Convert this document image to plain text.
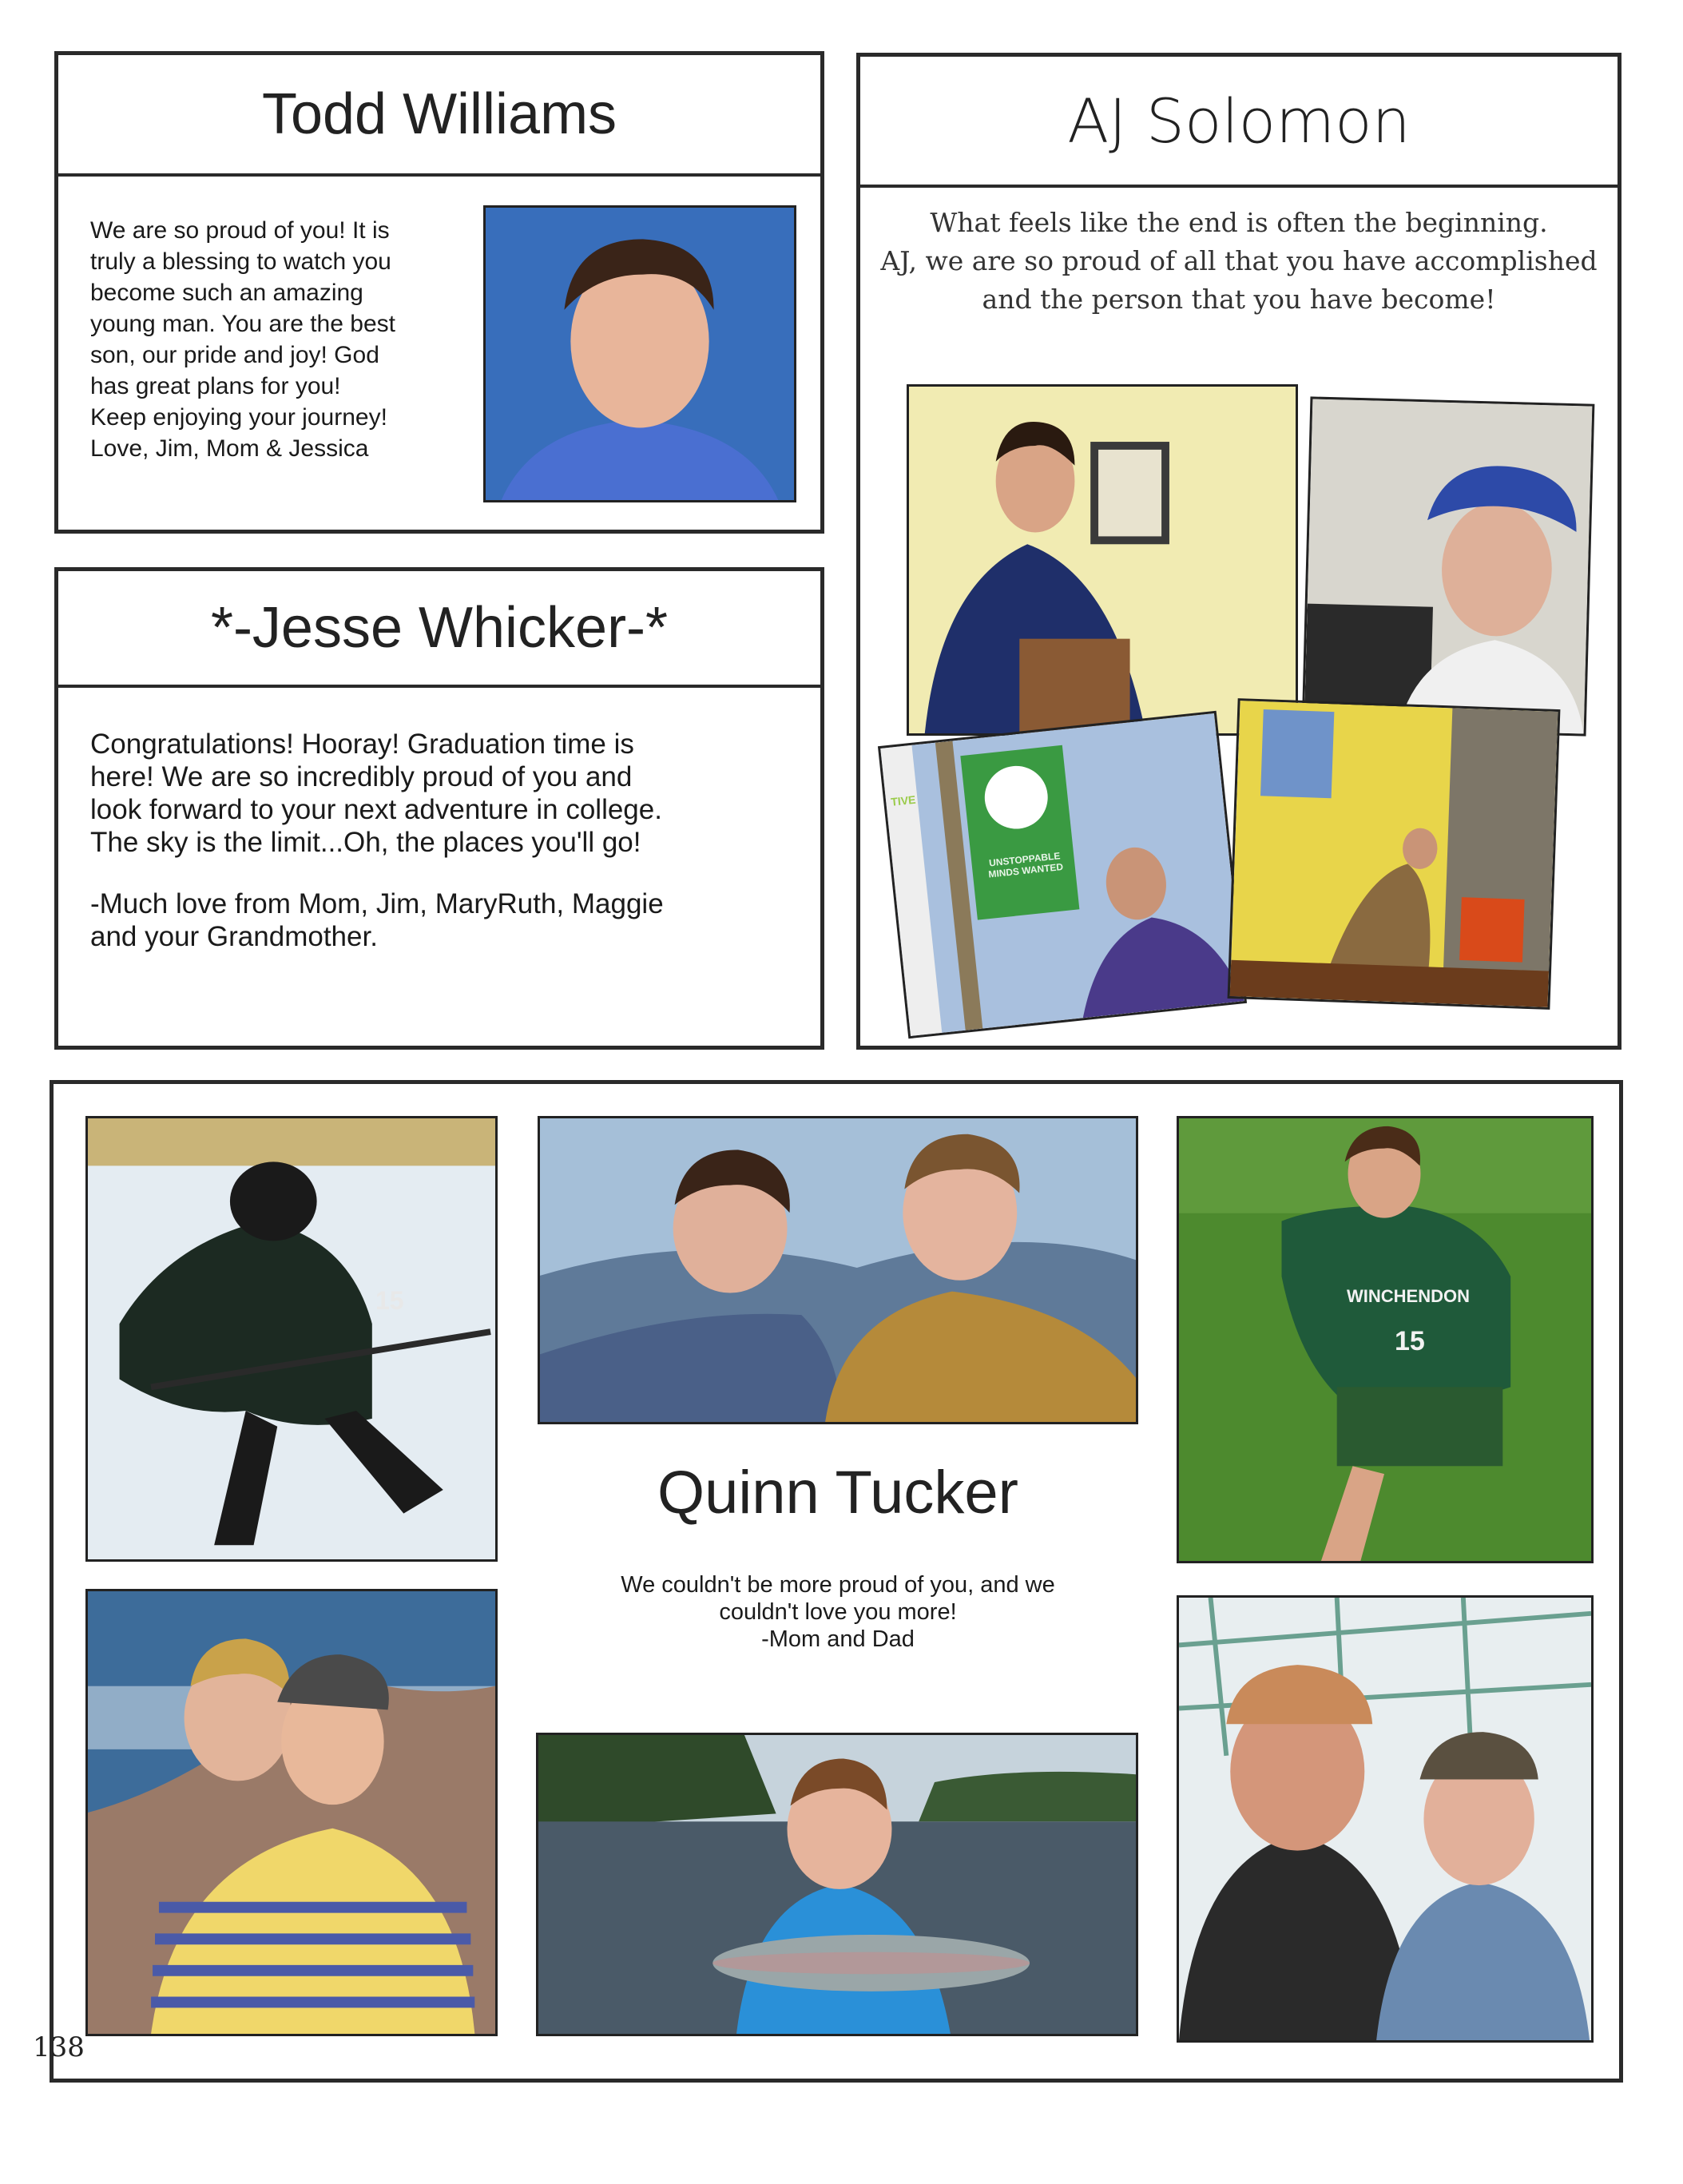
Todd Williams
We are so proud of you! It is
truly a blessing to watch you
become such an amazing
young man. You are the best
son, our pride and joy! God
has great plans for you!
Keep enjoying your journey!
Love, Jim, Mom & Jessica
*-Jesse Whicker-*
Congratulations! Hooray! Graduation time is
here! We are so incredibly proud of you and
look forward to your next adventure in college.
The sky is the limit...Oh, the places you'll go!
-Much love from Mom, Jim, MaryRuth, Maggie
and your Grandmother.
AJ Solomon
What feels like the end is often the beginning.
AJ, we are so proud of all that you have accomplished
and the person that you have become!
UNSTOPPABLE MINDS WANTED
TIVE
15	WINCHENDON
15
Quinn Tucker
We couldn't be more proud of you, and we
couldn't love you more!
-Mom and Dad
138
